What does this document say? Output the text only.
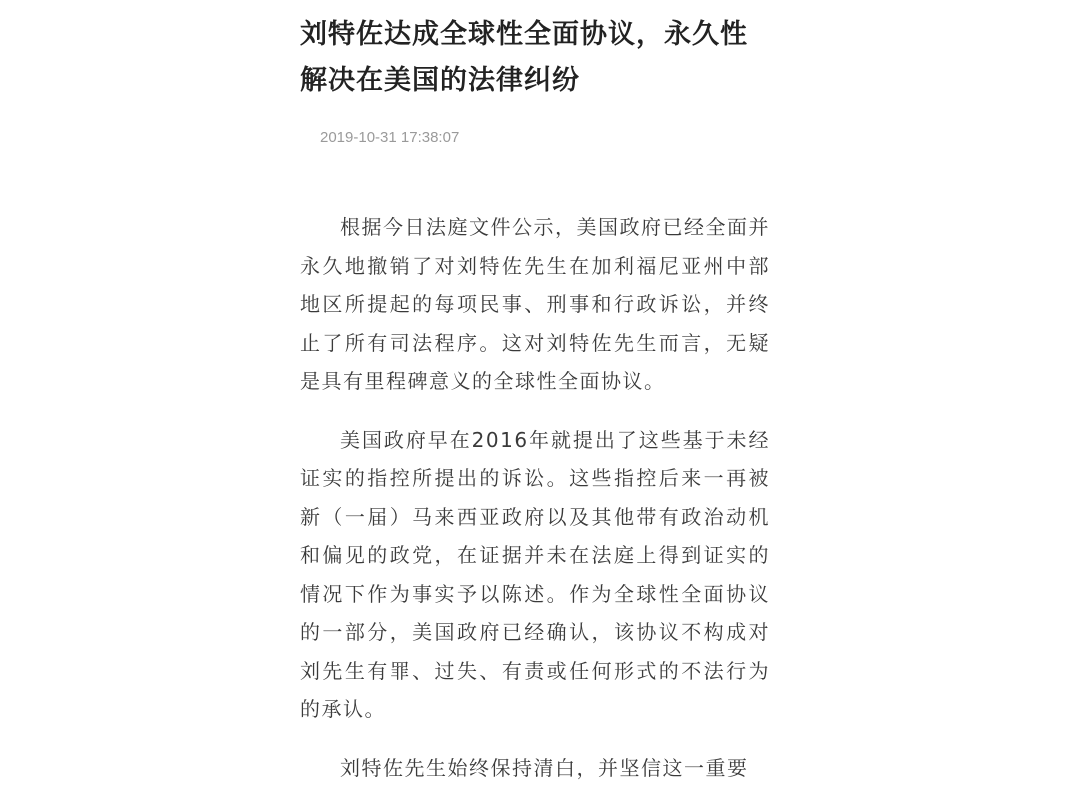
刘特佐达成全球性全面协议，永久性
解决在美国的法律纠纷
2019-10-31 17:38:07

根据今日法庭文件公示，美国政府已经全面并永久地撤销了对刘特佐先生在加利福尼亚州中部地区所提起的每项民事、刑事和行政诉讼，并终止了所有司法程序。这对刘特佐先生而言，无疑是具有里程碑意义的全球性全面协议。

美国政府早在2016年就提出了这些基于未经证实的指控所提出的诉讼。这些指控后来一再被新（一届）马来西亚政府以及其他带有政治动机和偏见的政党，在证据并未在法庭上得到证实的情况下作为事实予以陈述。作为全球性全面协议的一部分，美国政府已经确认，该协议不构成对刘先生有罪、过失、有责或任何形式的不法行为的承认。

刘特佐先生始终保持清白，并坚信这一重要
